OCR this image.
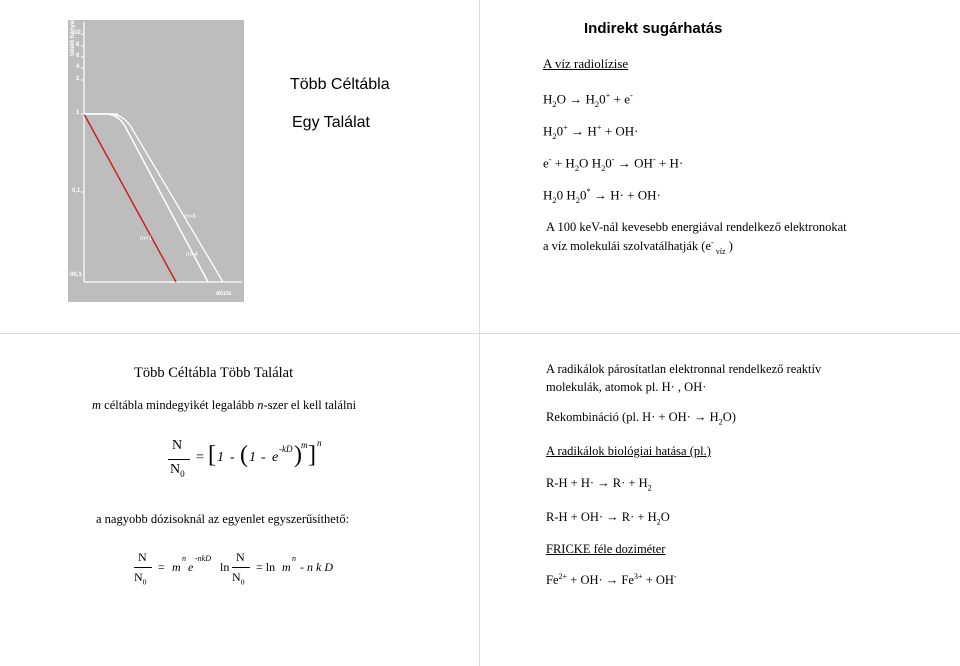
túlélő hányad
10
8
6
4
2
1
0,1
00,1
m=8
m=1
m=4
dózis
Több Céltábla
Egy Találat
Indirekt sugárhatás
A víz radiolízise
$H_2O \to H_20^+ + e^-$
$H_20^+ \to H^+ + OH\cdot$
$e^- + H_2O$ $H_20^- \to OH^- + H\cdot$
$H_20$ $H_20^* \to H\cdot + OH\cdot$
A 100 keV-nál kevesebb energiával rendelkező elektronokat
a víz molekulái szolvatálhatják ($e^-_{víz}$ )
Több Céltábla Több Találat
m céltábla mindegyikét legalább n-szer el kell találni
N
$N_0$
= [ 1 - ( 1 - e
-kD ) m ] n
a nagyobb dózisoknál az egyenlet egyszerűsíthető:
N
$N_0$
= m
n
e
-nkD
ln
N
$N_0$
= ln m
n
- n k D
A radikálok párosítatlan elektronnal rendelkező reaktív
molekulák, atomok pl. H· , OH·
Rekombináció (pl. $H\cdot + OH\cdot \to H_2O$)
A radikálok biológiai hatása (pl.)
$R-H + H\cdot \to R\cdot + H_2$
$R-H + OH\cdot \to R\cdot + H_2O$
FRICKE féle doziméter
$Fe^{2+} + OH\cdot \to Fe^{3+} + OH^-$
